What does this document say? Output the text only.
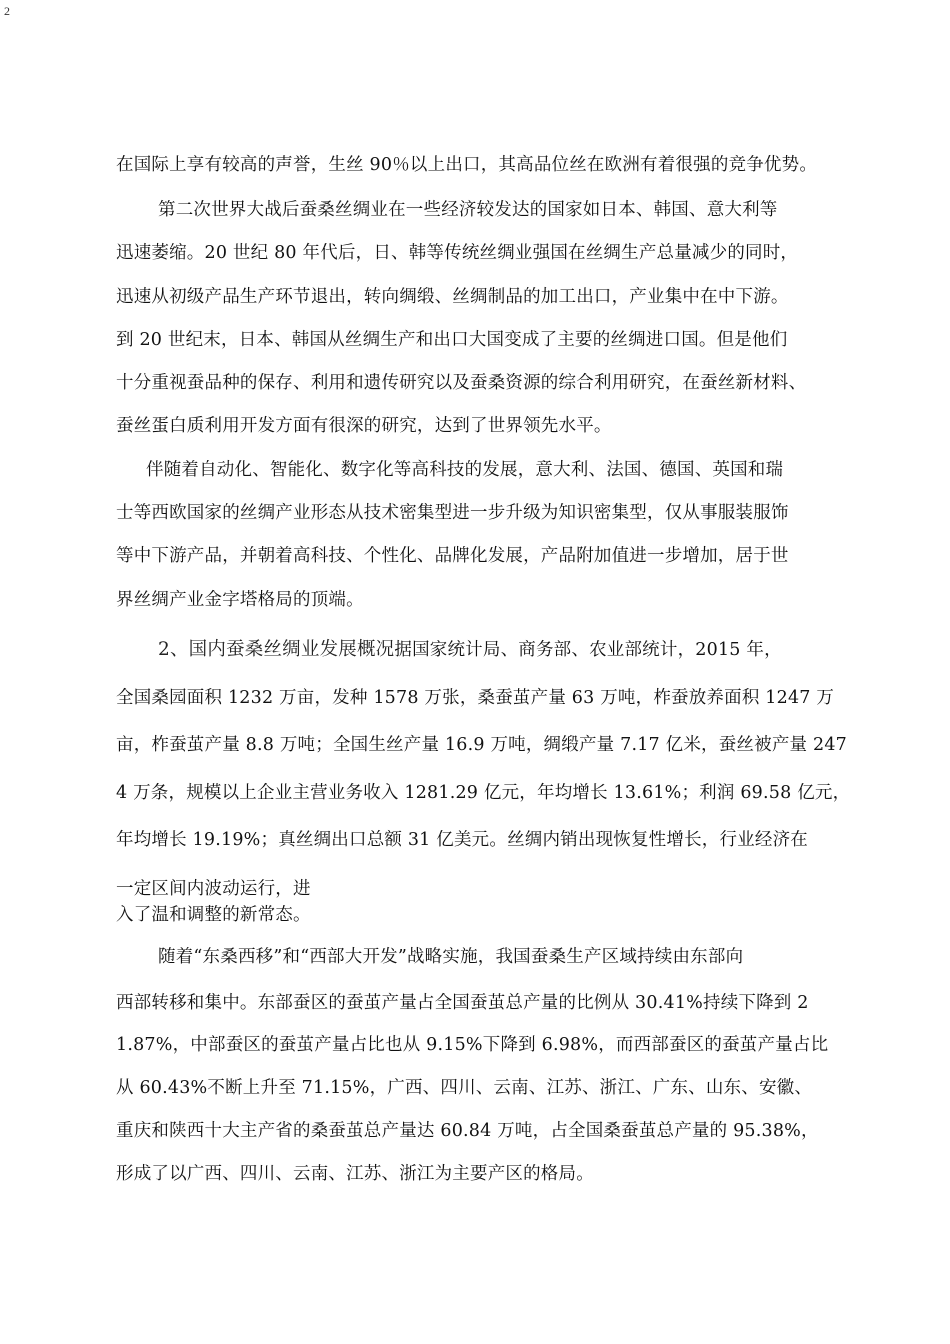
2
在国际上享有较高的声誉，生丝 90％以上出口，其高品位丝在欧洲有着很强的竞争优势。
第二次世界大战后蚕桑丝绸业在一些经济较发达的国家如日本、韩国、意大利等
迅速萎缩。20 世纪 80 年代后，日、韩等传统丝绸业强国在丝绸生产总量减少的同时，
迅速从初级产品生产环节退出，转向绸缎、丝绸制品的加工出口，产业集中在中下游。
到 20 世纪末，日本、韩国从丝绸生产和出口大国变成了主要的丝绸进口国。但是他们
十分重视蚕品种的保存、利用和遗传研究以及蚕桑资源的综合利用研究，在蚕丝新材料、
蚕丝蛋白质利用开发方面有很深的研究，达到了世界领先水平。
伴随着自动化、智能化、数字化等高科技的发展，意大利、法国、德国、英国和瑞
士等西欧国家的丝绸产业形态从技术密集型进一步升级为知识密集型，仅从事服装服饰
等中下游产品，并朝着高科技、个性化、品牌化发展，产品附加值进一步增加，居于世
界丝绸产业金字塔格局的顶端。
2、国内蚕桑丝绸业发展概况据国家统计局、商务部、农业部统计，2015 年，
全国桑园面积 1232 万亩，发种 1578 万张，桑蚕茧产量 63 万吨，柞蚕放养面积 1247 万
亩，柞蚕茧产量 8.8 万吨；全国生丝产量 16.9 万吨，绸缎产量 7.17 亿米，蚕丝被产量 247
4 万条，规模以上企业主营业务收入 1281.29 亿元，年均增长 13.61%；利润 69.58 亿元，
年均增长 19.19%；真丝绸出口总额 31 亿美元。丝绸内销出现恢复性增长，行业经济在
一定区间内波动运行，进
入了温和调整的新常态。
随着“东桑西移”和“西部大开发”战略实施，我国蚕桑生产区域持续由东部向
西部转移和集中。东部蚕区的蚕茧产量占全国蚕茧总产量的比例从 30.41%持续下降到 2
1.87%，中部蚕区的蚕茧产量占比也从 9.15%下降到 6.98%，而西部蚕区的蚕茧产量占比
从 60.43%不断上升至 71.15%，广西、四川、云南、江苏、浙江、广东、山东、安徽、
重庆和陕西十大主产省的桑蚕茧总产量达 60.84 万吨，占全国桑蚕茧总产量的 95.38%，
形成了以广西、四川、云南、江苏、浙江为主要产区的格局。
